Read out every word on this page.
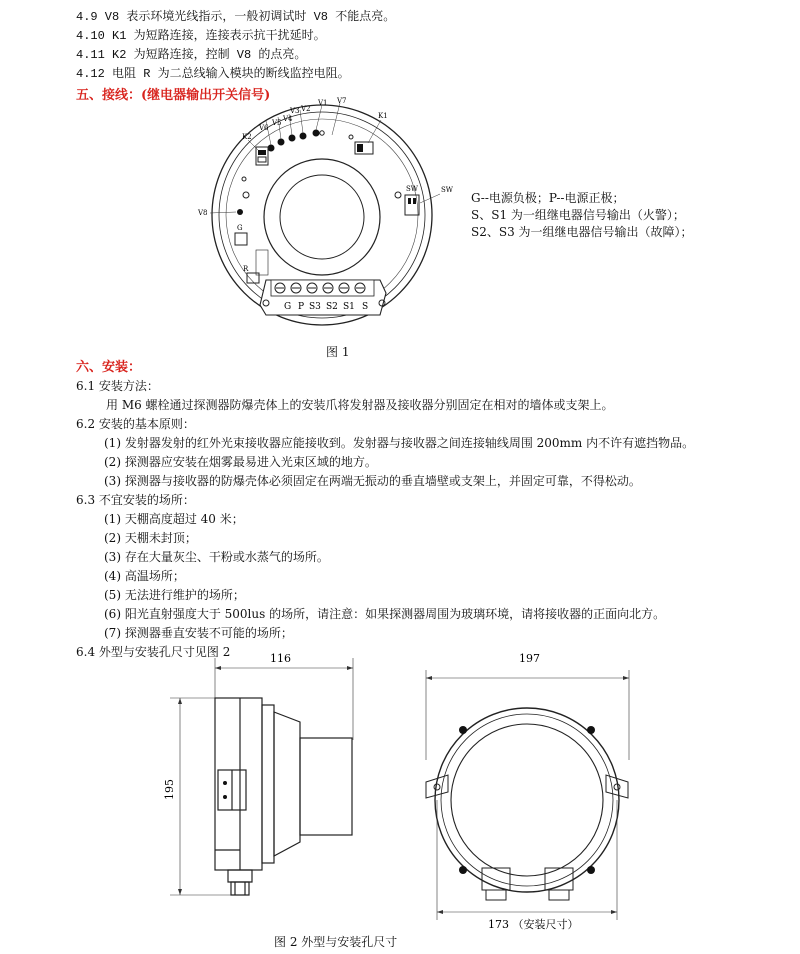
4.9 V8 表示环境光线指示，一般初调试时 V8 不能点亮。
4.10 K1 为短路连接，连接表示抗干扰延时。
4.11 K2 为短路连接，控制 V8 的点亮。
4.12 电阻 R 为二总线输入模块的断线监控电阻。
五、接线：(继电器输出开关信号)
V6
V5 V4
V3 V2
V1 V7
K2
K1
V8
G
R
SW	SW
G P S3 S2 S1 S
G--电源负极；P--电源正极；
S、S1 为一组继电器信号输出（火警）；
S2、S3 为一组继电器信号输出（故障）；
图 1
六、安装：
6.1 安装方法：
用 M6 螺栓通过探测器防爆壳体上的安装爪将发射器及接收器分别固定在相对的墙体或支架上。
6.2 安装的基本原则：
(1) 发射器发射的红外光束接收器应能接收到。发射器与接收器之间连接轴线周围 200mm 内不许有遮挡物品。
(2) 探测器应安装在烟雾最易进入光束区域的地方。
(3) 探测器与接收器的防爆壳体必须固定在两端无振动的垂直墙壁或支架上，并固定可靠，不得松动。
6.3 不宜安装的场所：
(1) 天棚高度超过 40 米；
(2) 天棚未封顶；
(3) 存在大量灰尘、干粉或水蒸气的场所。
(4) 高温场所；
(5) 无法进行维护的场所；
(6) 阳光直射强度大于 500lus 的场所，请注意：如果探测器周围为玻璃环境，请将接收器的正面向北方。
(7) 探测器垂直安装不可能的场所；
6.4 外型与安装孔尺寸见图 2	116
195
197
173 （安装尺寸）
图 2 外型与安装孔尺寸
